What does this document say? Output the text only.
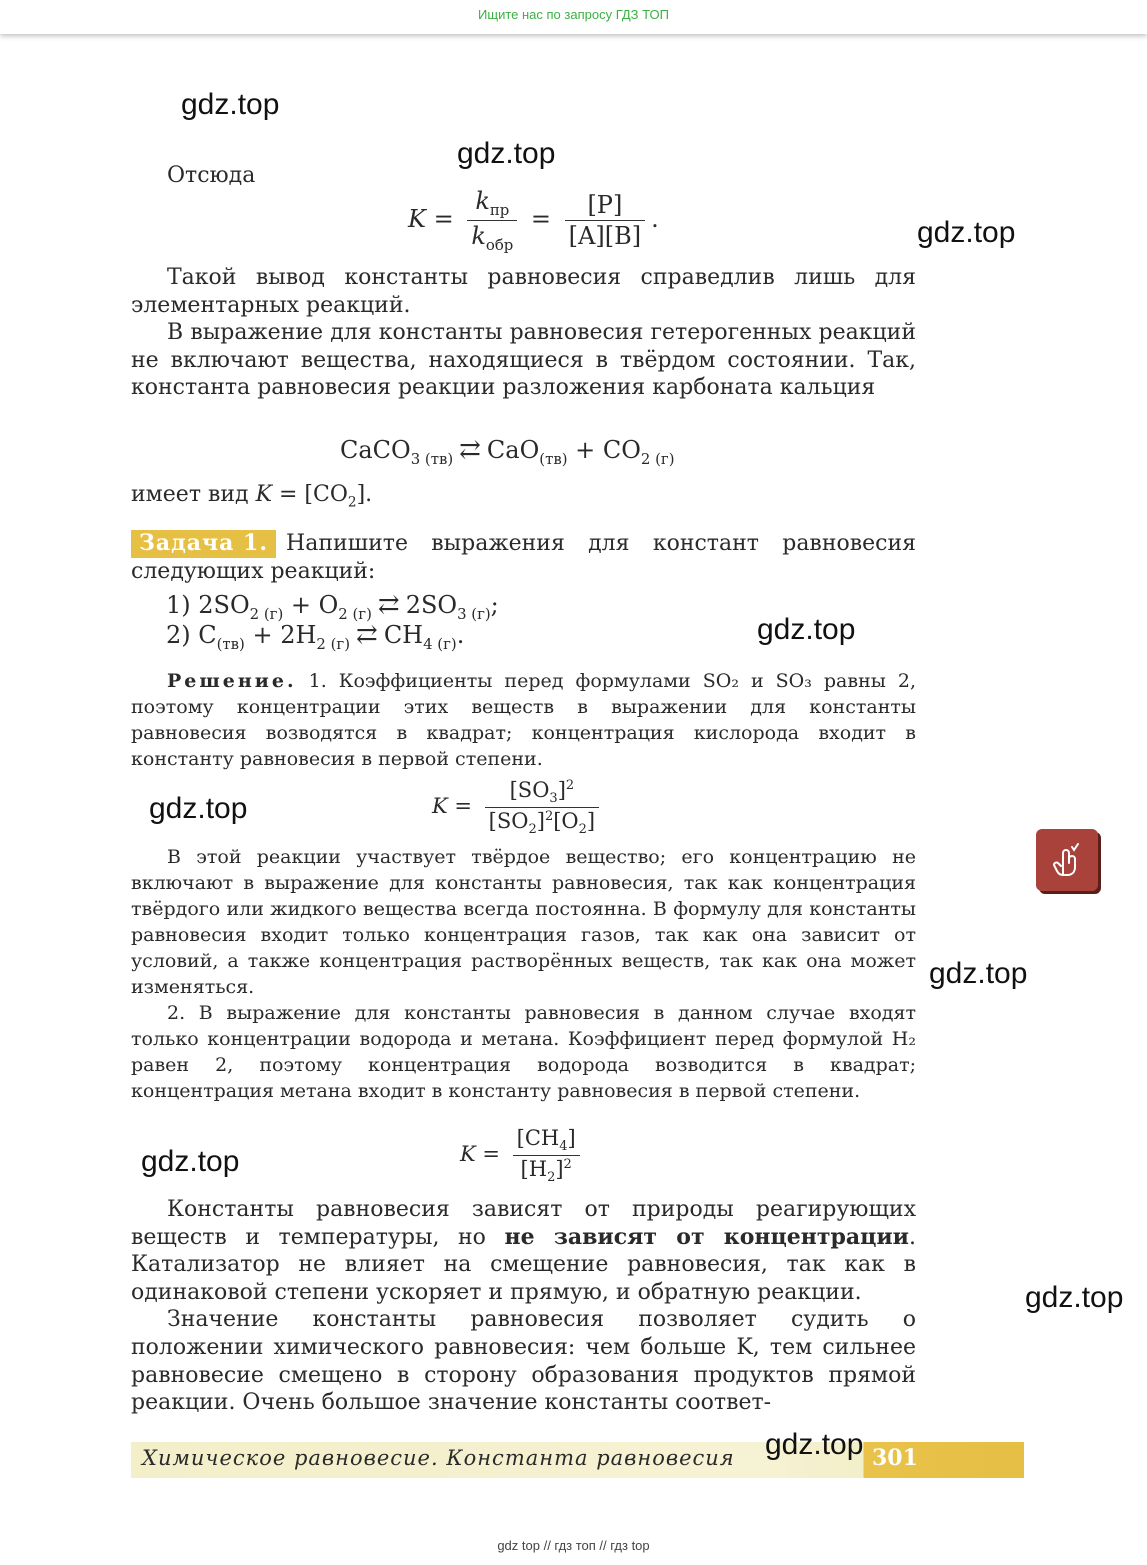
Ищите нас по запросу ГДЗ ТОП
gdz.top
gdz.top
gdz.top
gdz.top
gdz.top
gdz.top
gdz.top
gdz.top

Отсюда

$K = \frac{k_{пр}}{k_{обр}} = \frac{[P]}{[A][B]}$ .

Такой вывод константы равновесия справедлив лишь для элементарных реакций.

В выражение для константы равновесия гетерогенных реакций не включают вещества, находящиеся в твёрдом состоянии. Так, константа равновесия реакции разложения карбоната кальция

CaCO$_{3 (тв)}$ ⇄ $CaO_{(тв)} + CO_{2 (г)}$

имеет вид $K = [CO_2]$.

Задача 1. Напишите выражения для констант равновесия следующих реакций:

1) $2SO_{2 (г)} + O_{2 (г)}$ ⇄ $2SO_{3 (г)}$;
2) $C_{(тв)} + 2H_{2 (г)}$ ⇄ $CH_{4 (г)}$.

Решение. 1. Коэффициенты перед формулами SO₂ и SO₃ равны 2, поэтому концентрации этих веществ в выражении для константы равновесия возводятся в квадрат; концентрация кислорода входит в константу равновесия в первой степени.

$K = \frac{[SO_3]^2}{[SO_2]^2[O_2]}$

В этой реакции участвует твёрдое вещество; его концентрацию не включают в выражение для константы равновесия, так как концентрация твёрдого или жидкого вещества всегда постоянна. В формулу для константы равновесия входит только концентрация газов, так как она зависит от условий, а также концентрация растворённых веществ, так как она может изменяться.

2. В выражение для константы равновесия в данном случае входят только концентрации водорода и метана. Коэффициент перед формулой H₂ равен 2, поэтому концентрация водорода возводится в квадрат; концентрация метана входит в константу равновесия в первой степени.

$K = \frac{[CH_4]}{[H_2]^2}$

Константы равновесия зависят от природы реагирующих веществ и температуры, но не зависят от концентрации. Катализатор не влияет на смещение равновесия, так как в одинаковой степени ускоряет и прямую, и обратную реакции.

Значение константы равновесия позволяет судить о положении химического равновесия: чем больше K, тем сильнее равновесие смещено в сторону образования продуктов прямой реакции. Очень большое значение константы соответ-

Химическое равновесие. Константа равновесия	301
gdz.top
gdz top // гдз топ // гдз top
